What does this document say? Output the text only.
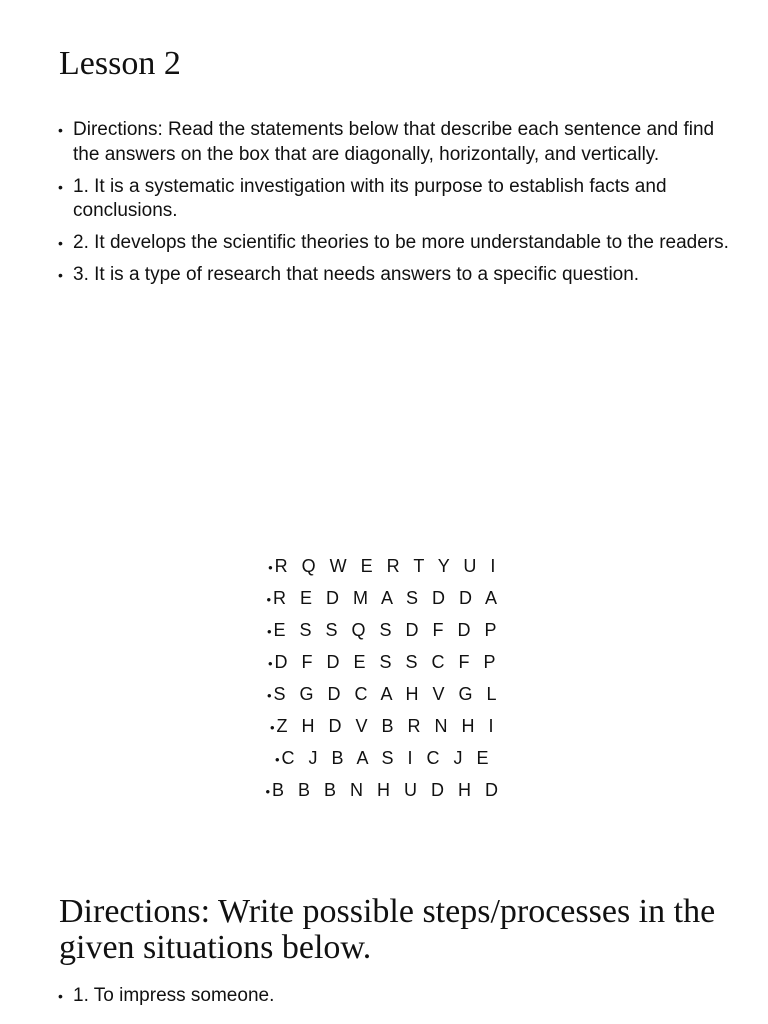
Lesson 2
• Directions: Read the statements below that describe each sentence and find the answers on the box that are diagonally, horizontally, and vertically.
• 1. It is a systematic investigation with its purpose to establish facts and conclusions.
• 2. It develops the scientific theories to be more understandable to the readers.
• 3. It is a type of research that needs answers to a specific question.
•R Q W E R T Y U I
•R E D M A S D D A
•E S S Q S D F D P
•D F D E S S C F P
•S G D C A H V G L
•Z H D V B R N H I
•C J B A S I C J E
•B B B N H U D H D
Directions: Write possible steps/processes in the given situations below.
• 1. To impress someone.
